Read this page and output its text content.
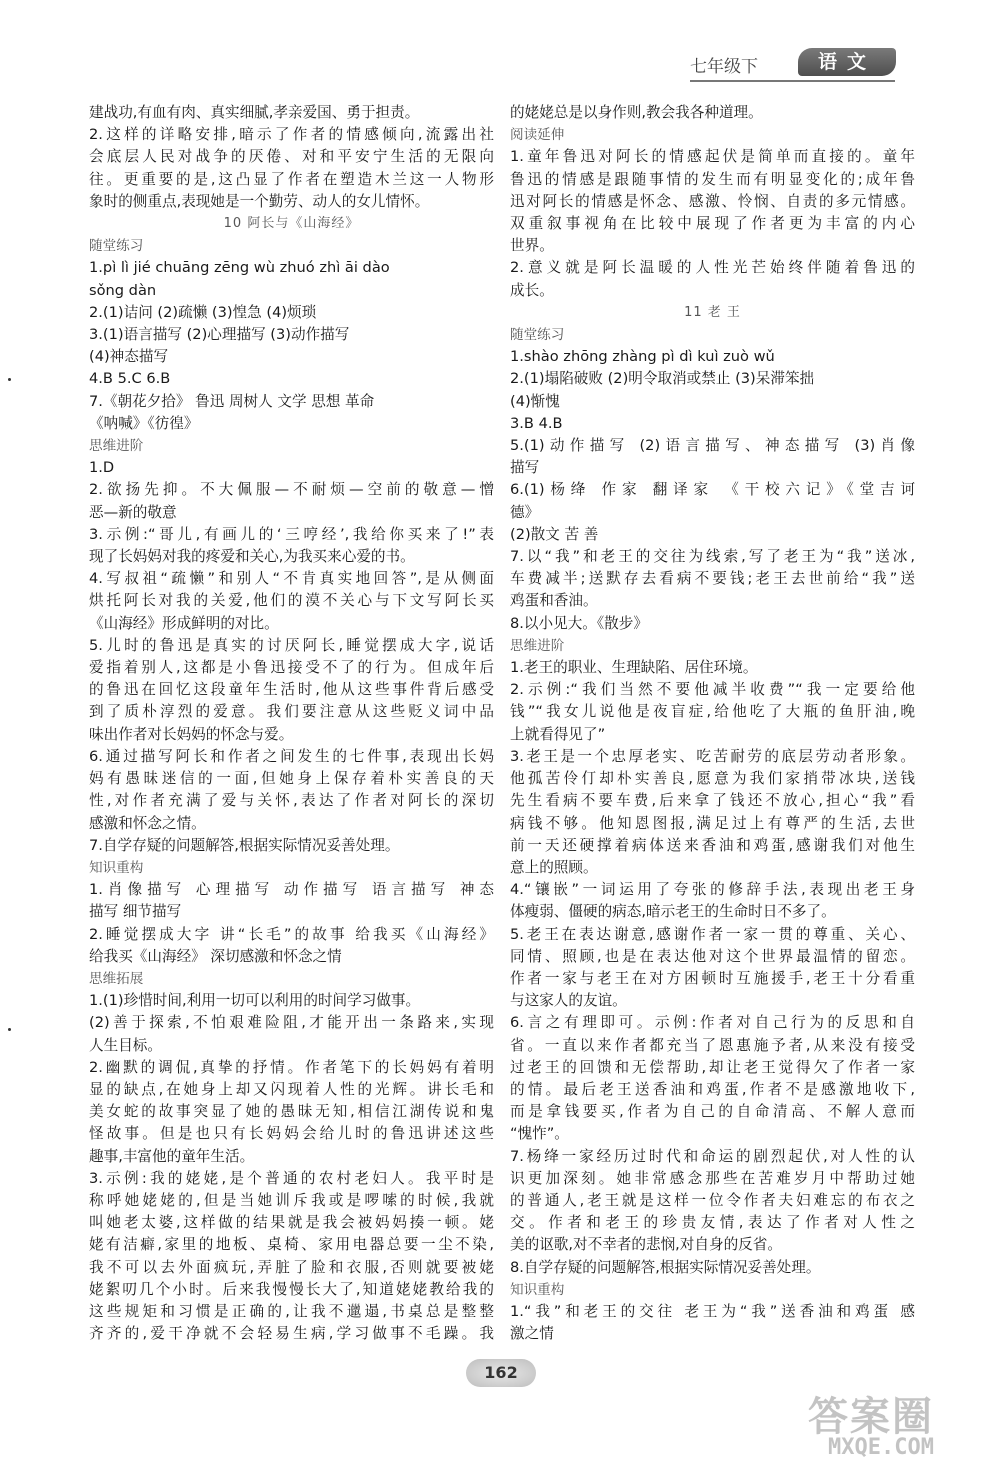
七年级下	语文
建战功,有血有肉、真实细腻,孝亲爱国、勇于担责。
2.这样的详略安排,暗示了作者的情感倾向,流露出社
会底层人民对战争的厌倦、对和平安宁生活的无限向
往。更重要的是,这凸显了作者在塑造木兰这一人物形
象时的侧重点,表现她是一个勤劳、动人的女儿情怀。
10 阿长与《山海经》
随堂练习
1.pì lì jié chuāng zēng wù zhuó zhì āi dào
sǒng dàn
2.(1)诘问 (2)疏懒 (3)惶急 (4)烦琐
3.(1)语言描写 (2)心理描写 (3)动作描写
(4)神态描写
4.B 5.C 6.B
7.《朝花夕拾》 鲁迅 周树人 文学 思想 革命
《呐喊》《彷徨》
思维进阶
1.D
2.欲扬先抑。不大佩服—不耐烦—空前的敬意—憎
恶—新的敬意
3.示例:“哥儿,有画儿的‘三哼经’,我给你买来了!”表
现了长妈妈对我的疼爱和关心,为我买来心爱的书。
4.写叔祖“疏懒”和别人“不肯真实地回答”,是从侧面
烘托阿长对我的关爱,他们的漠不关心与下文写阿长买
《山海经》形成鲜明的对比。
5.儿时的鲁迅是真实的讨厌阿长,睡觉摆成大字,说话
爱指着别人,这都是小鲁迅接受不了的行为。但成年后
的鲁迅在回忆这段童年生活时,他从这些事件背后感受
到了质朴淳烈的爱意。我们要注意从这些贬义词中品
味出作者对长妈妈的怀念与爱。
6.通过描写阿长和作者之间发生的七件事,表现出长妈
妈有愚昧迷信的一面,但她身上保存着朴实善良的天
性,对作者充满了爱与关怀,表达了作者对阿长的深切
感激和怀念之情。
7.自学存疑的问题解答,根据实际情况妥善处理。
知识重构
1.肖像描写 心理描写 动作描写 语言描写 神态
描写 细节描写
2.睡觉摆成大字 讲“长毛”的故事 给我买《山海经》
给我买《山海经》 深切感激和怀念之情
思维拓展
1.(1)珍惜时间,利用一切可以利用的时间学习做事。
(2)善于探索,不怕艰难险阻,才能开出一条路来,实现
人生目标。
2.幽默的调侃,真挚的抒情。作者笔下的长妈妈有着明
显的缺点,在她身上却又闪现着人性的光辉。讲长毛和
美女蛇的故事突显了她的愚昧无知,相信江湖传说和鬼
怪故事。但是也只有长妈妈会给儿时的鲁迅讲述这些
趣事,丰富他的童年生活。
3.示例:我的姥姥,是个普通的农村老妇人。我平时是
称呼她姥姥的,但是当她训斥我或是啰嗦的时候,我就
叫她老太婆,这样做的结果就是我会被妈妈揍一顿。姥
姥有洁癖,家里的地板、桌椅、家用电器总要一尘不染,
我不可以去外面疯玩,弄脏了脸和衣服,否则就要被姥
姥絮叨几个小时。后来我慢慢长大了,知道姥姥教给我的
这些规矩和习惯是正确的,让我不邋遢,书桌总是整整
齐齐的,爱干净就不会轻易生病,学习做事不毛躁。我
的姥姥总是以身作则,教会我各种道理。
阅读延伸
1.童年鲁迅对阿长的情感起伏是简单而直接的。童年
鲁迅的情感是跟随事情的发生而有明显变化的;成年鲁
迅对阿长的情感是怀念、感激、怜悯、自责的多元情感。
双重叙事视角在比较中展现了作者更为丰富的内心
世界。
2.意义就是阿长温暖的人性光芒始终伴随着鲁迅的
成长。
11 老 王
随堂练习
1.shào zhōng zhàng pì dì kuì zuò wǔ
2.(1)塌陷破败 (2)明令取消或禁止 (3)呆滞笨拙
(4)惭愧
3.B 4.B
5.(1)动作描写 (2)语言描写、神态描写 (3)肖像
描写
6.(1)杨绛 作家 翻译家 《干校六记》《堂吉诃
德》
(2)散文 苦 善
7.以“我”和老王的交往为线索,写了老王为“我”送冰,
车费减半;送默存去看病不要钱;老王去世前给“我”送
鸡蛋和香油。
8.以小见大。《散步》
思维进阶
1.老王的职业、生理缺陷、居住环境。
2.示例:“我们当然不要他减半收费”“我一定要给他
钱”“我女儿说他是夜盲症,给他吃了大瓶的鱼肝油,晚
上就看得见了”
3.老王是一个忠厚老实、吃苦耐劳的底层劳动者形象。
他孤苦伶仃却朴实善良,愿意为我们家捎带冰块,送钱
先生看病不要车费,后来拿了钱还不放心,担心“我”看
病钱不够。他知恩图报,满足过上有尊严的生活,去世
前一天还硬撑着病体送来香油和鸡蛋,感谢我们对他生
意上的照顾。
4.“镶嵌”一词运用了夸张的修辞手法,表现出老王身
体瘦弱、僵硬的病态,暗示老王的生命时日不多了。
5.老王在表达谢意,感谢作者一家一贯的尊重、关心、
同情、照顾,也是在表达他对这个世界最温情的留恋。
作者一家与老王在对方困顿时互施援手,老王十分看重
与这家人的友谊。
6.言之有理即可。示例:作者对自己行为的反思和自
省。一直以来作者都充当了恩惠施予者,从来没有接受
过老王的回馈和无偿帮助,却让老王觉得欠了作者一家
的情。最后老王送香油和鸡蛋,作者不是感激地收下,
而是拿钱要买,作者为自己的自命清高、不解人意而
“愧怍”。
7.杨绛一家经历过时代和命运的剧烈起伏,对人性的认
识更加深刻。她非常感念那些在苦难岁月中帮助过她
的普通人,老王就是这样一位令作者夫妇难忘的布衣之
交。作者和老王的珍贵友情,表达了作者对人性之
美的讴歌,对不幸者的悲悯,对自身的反省。
8.自学存疑的问题解答,根据实际情况妥善处理。
知识重构
1.“我”和老王的交往 老王为“我”送香油和鸡蛋 感
激之情
162
答案圈
MXQE.COM
